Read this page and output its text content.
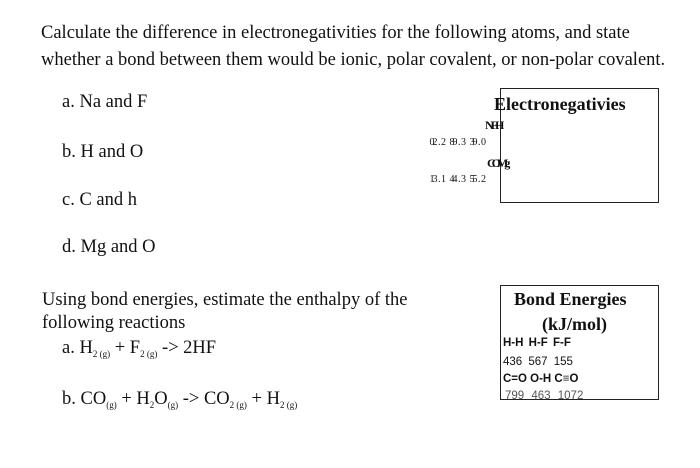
Calculate the difference in electronegativities for the following atoms, and state whether a bond between them would be ionic, polar covalent, or non-polar covalent.
a. Na and F
b. H and O
c. C and h
d. Mg and O
Electronegativies
NFH
COMg
Using bond energies, estimate the enthalpy of the following reactions
a. $H_{2 (g)} + F_{2 (g)} -> 2HF$
b. $CO_{(g)} + H_2O_{(g)} -> CO_{2 (g)} + H_{2 (g)}$
Bond Energies
(kJ/mol)
H-H H-F F-F
436 567 155
C=O O-H C≡O
799 463 1072
